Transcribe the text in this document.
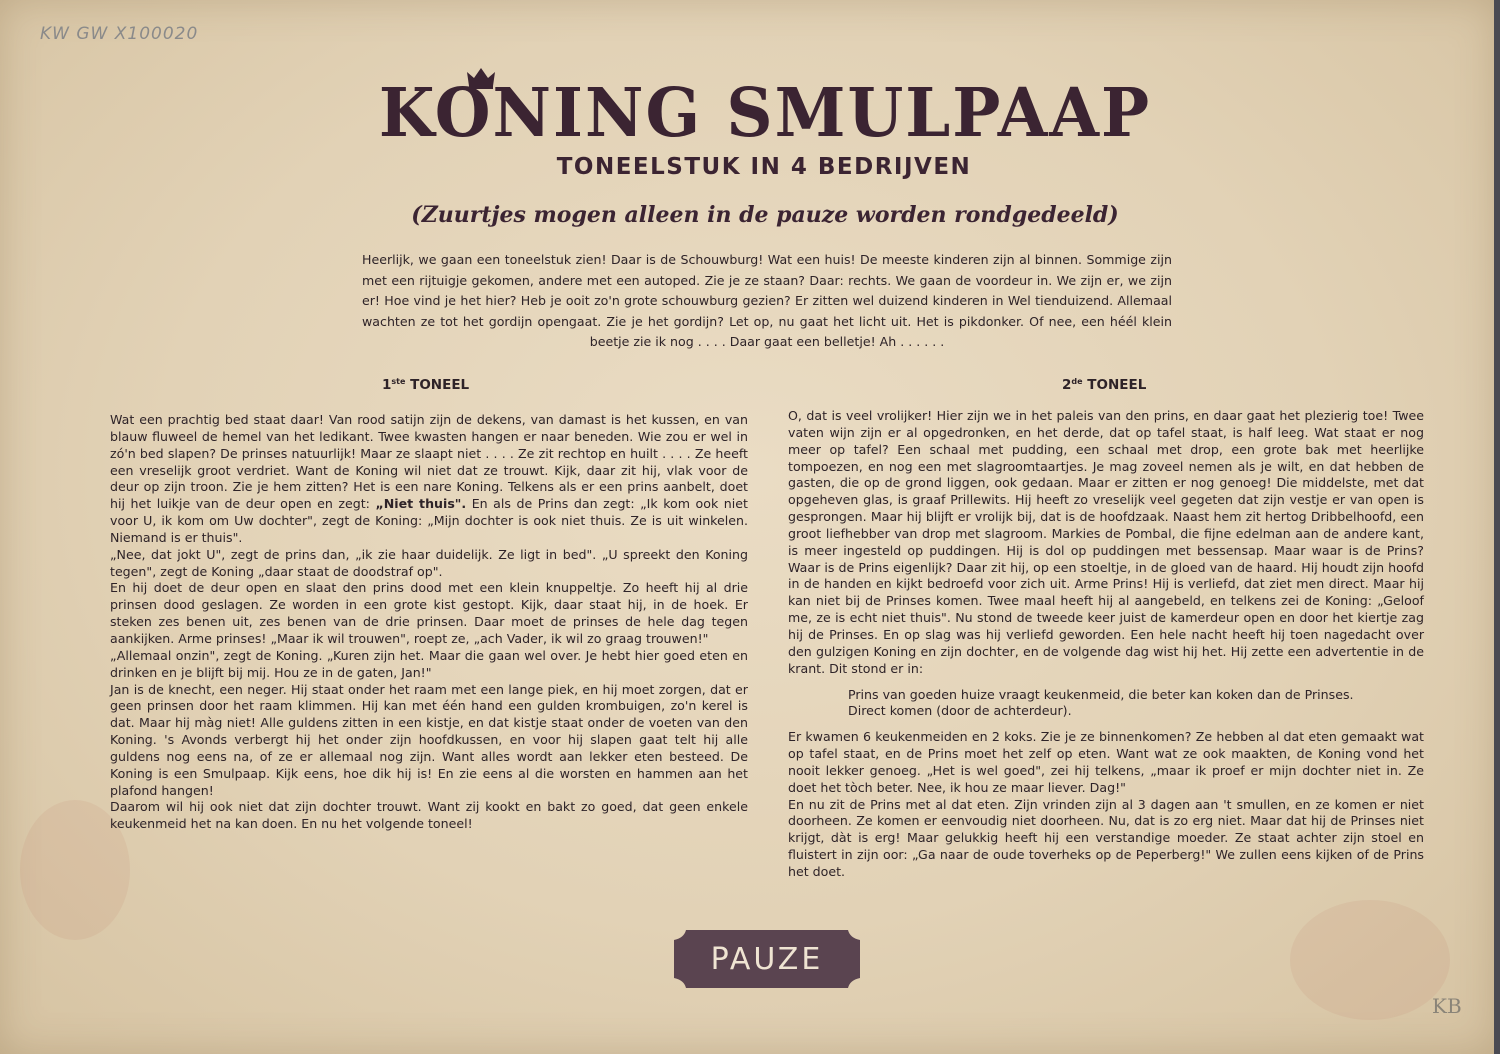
KW GW X100020
KONING SMULPAAP
TONEELSTUK IN 4 BEDRIJVEN
(Zuurtjes mogen alleen in de pauze worden rondgedeeld)
Heerlijk, we gaan een toneelstuk zien! Daar is de Schouwburg! Wat een huis! De meeste kinderen zijn al binnen. Sommige zijn met een rijtuigje gekomen, andere met een autoped. Zie je ze staan? Daar: rechts. We gaan de voordeur in. We zijn er, we zijn er! Hoe vind je het hier? Heb je ooit zo'n grote schouwburg gezien? Er zitten wel duizend kinderen in Wel tienduizend. Allemaal wachten ze tot het gordijn opengaat. Zie je het gordijn? Let op, nu gaat het licht uit. Het is pikdonker. Of nee, een héél klein beetje zie ik nog . . . . Daar gaat een belletje! Ah . . . . . .
1ste TONEEL	2de TONEEL

Wat een prachtig bed staat daar! Van rood satijn zijn de dekens, van damast is het kussen, en van blauw fluweel de hemel van het ledikant. Twee kwasten hangen er naar beneden. Wie zou er wel in zó'n bed slapen? De prinses natuurlijk! Maar ze slaapt niet . . . . Ze zit rechtop en huilt . . . . Ze heeft een vreselijk groot verdriet. Want de Koning wil niet dat ze trouwt. Kijk, daar zit hij, vlak voor de deur op zijn troon. Zie je hem zitten? Het is een nare Koning. Telkens als er een prins aanbelt, doet hij het luikje van de deur open en zegt: „Niet thuis". En als de Prins dan zegt: „Ik kom ook niet voor U, ik kom om Uw dochter", zegt de Koning: „Mijn dochter is ook niet thuis. Ze is uit winkelen. Niemand is er thuis".

„Nee, dat jokt U", zegt de prins dan, „ik zie haar duidelijk. Ze ligt in bed". „U spreekt den Koning tegen", zegt de Koning „daar staat de doodstraf op".

En hij doet de deur open en slaat den prins dood met een klein knuppeltje. Zo heeft hij al drie prinsen dood geslagen. Ze worden in een grote kist gestopt. Kijk, daar staat hij, in de hoek. Er steken zes benen uit, zes benen van de drie prinsen. Daar moet de prinses de hele dag tegen aankijken. Arme prinses! „Maar ik wil trouwen", roept ze, „ach Vader, ik wil zo graag trouwen!"

„Allemaal onzin", zegt de Koning. „Kuren zijn het. Maar die gaan wel over. Je hebt hier goed eten en drinken en je blijft bij mij. Hou ze in de gaten, Jan!"

Jan is de knecht, een neger. Hij staat onder het raam met een lange piek, en hij moet zorgen, dat er geen prinsen door het raam klimmen. Hij kan met één hand een gulden krombuigen, zo'n kerel is dat. Maar hij màg niet! Alle guldens zitten in een kistje, en dat kistje staat onder de voeten van den Koning. 's Avonds verbergt hij het onder zijn hoofdkussen, en voor hij slapen gaat telt hij alle guldens nog eens na, of ze er allemaal nog zijn. Want alles wordt aan lekker eten besteed. De Koning is een Smulpaap. Kijk eens, hoe dik hij is! En zie eens al die worsten en hammen aan het plafond hangen!

Daarom wil hij ook niet dat zijn dochter trouwt. Want zij kookt en bakt zo goed, dat geen enkele keukenmeid het na kan doen. En nu het volgende toneel!

O, dat is veel vrolijker! Hier zijn we in het paleis van den prins, en daar gaat het plezierig toe! Twee vaten wijn zijn er al opgedronken, en het derde, dat op tafel staat, is half leeg. Wat staat er nog meer op tafel? Een schaal met pudding, een schaal met drop, een grote bak met heerlijke tompoezen, en nog een met slagroomtaartjes. Je mag zoveel nemen als je wilt, en dat hebben de gasten, die op de grond liggen, ook gedaan. Maar er zitten er nog genoeg! Die middelste, met dat opgeheven glas, is graaf Prillewits. Hij heeft zo vreselijk veel gegeten dat zijn vestje er van open is gesprongen. Maar hij blijft er vrolijk bij, dat is de hoofdzaak. Naast hem zit hertog Dribbelhoofd, een groot liefhebber van drop met slagroom. Markies de Pombal, die fijne edelman aan de andere kant, is meer ingesteld op puddingen. Hij is dol op puddingen met bessensap. Maar waar is de Prins? Waar is de Prins eigenlijk? Daar zit hij, op een stoeltje, in de gloed van de haard. Hij houdt zijn hoofd in de handen en kijkt bedroefd voor zich uit. Arme Prins! Hij is verliefd, dat ziet men direct. Maar hij kan niet bij de Prinses komen. Twee maal heeft hij al aangebeld, en telkens zei de Koning: „Geloof me, ze is echt niet thuis". Nu stond de tweede keer juist de kamerdeur open en door het kiertje zag hij de Prinses. En op slag was hij verliefd geworden. Een hele nacht heeft hij toen nagedacht over den gulzigen Koning en zijn dochter, en de volgende dag wist hij het. Hij zette een advertentie in de krant. Dit stond er in:

Prins van goeden huize vraagt keukenmeid, die beter kan koken dan de Prinses.
Direct komen (door de achterdeur).

Er kwamen 6 keukenmeiden en 2 koks. Zie je ze binnenkomen? Ze hebben al dat eten gemaakt wat op tafel staat, en de Prins moet het zelf op eten. Want wat ze ook maakten, de Koning vond het nooit lekker genoeg. „Het is wel goed", zei hij telkens, „maar ik proef er mijn dochter niet in. Ze doet het tòch beter. Nee, ik hou ze maar liever. Dag!"

En nu zit de Prins met al dat eten. Zijn vrinden zijn al 3 dagen aan 't smullen, en ze komen er niet doorheen. Ze komen er eenvoudig niet doorheen. Nu, dat is zo erg niet. Maar dat hij de Prinses niet krijgt, dàt is erg! Maar gelukkig heeft hij een verstandige moeder. Ze staat achter zijn stoel en fluistert in zijn oor: „Ga naar de oude toverheks op de Peperberg!" We zullen eens kijken of de Prins het doet.

PAUZE
KB
